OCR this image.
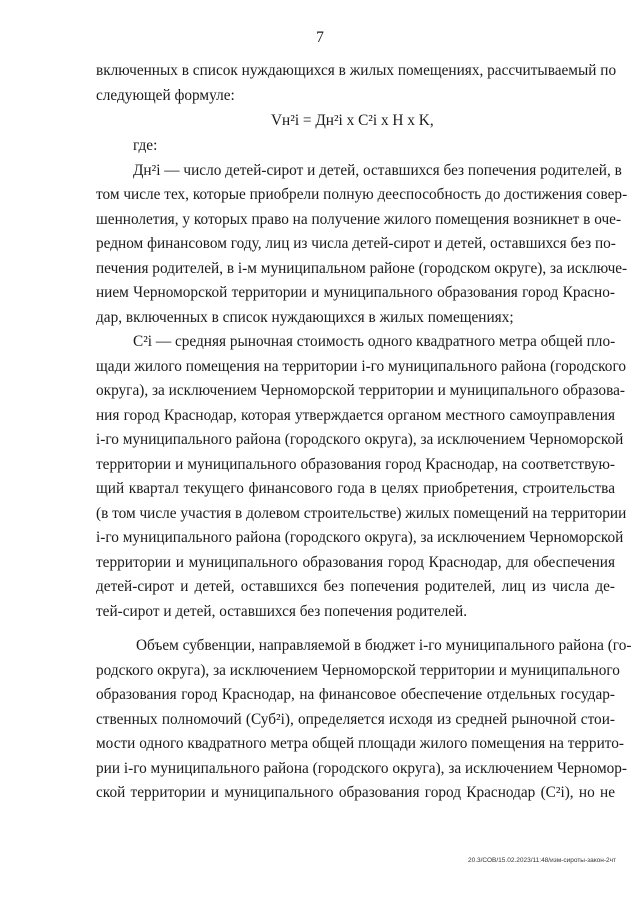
7
включенных в список нуждающихся в жилых помещениях, рассчитываемый по
следующей формуле:
Vн²i = Дн²i x C²i x H x K,
где:
Дн²i — число детей-сирот и детей, оставшихся без попечения родителей, в
том числе тех, которые приобрели полную дееспособность до достижения совер-
шеннолетия, у которых право на получение жилого помещения возникнет в оче-
редном финансовом году, лиц из числа детей-сирот и детей, оставшихся без по-
печения родителей, в i-м муниципальном районе (городском округе), за исключе-
нием Черноморской территории и муниципального образования город Красно-
дар, включенных в список нуждающихся в жилых помещениях;
C²i — средняя рыночная стоимость одного квадратного метра общей пло-
щади жилого помещения на территории i-го муниципального района (городского
округа), за исключением Черноморской территории и муниципального образова-
ния город Краснодар, которая утверждается органом местного самоуправления
i-го муниципального района (городского округа), за исключением Черноморской
территории и муниципального образования город Краснодар, на соответствую-
щий квартал текущего финансового года в целях приобретения, строительства
(в том числе участия в долевом строительстве) жилых помещений на территории
i-го муниципального района (городского округа), за исключением Черноморской
территории и муниципального образования город Краснодар, для обеспечения
детей-сирот и детей, оставшихся без попечения родителей, лиц из числа де-
тей-сирот и детей, оставшихся без попечения родителей.
Объем субвенции, направляемой в бюджет i-го муниципального района (го-
родского округа), за исключением Черноморской территории и муниципального
образования город Краснодар, на финансовое обеспечение отдельных государ-
ственных полномочий (Суб²i), определяется исходя из средней рыночной стои-
мости одного квадратного метра общей площади жилого помещения на террито-
рии i-го муниципального района (городского округа), за исключением Черномор-
ской территории и муниципального образования город Краснодар (C²i), но не
20.3/СОВ/15.02.2023/11:48/изм-сироты-закон-2чт
